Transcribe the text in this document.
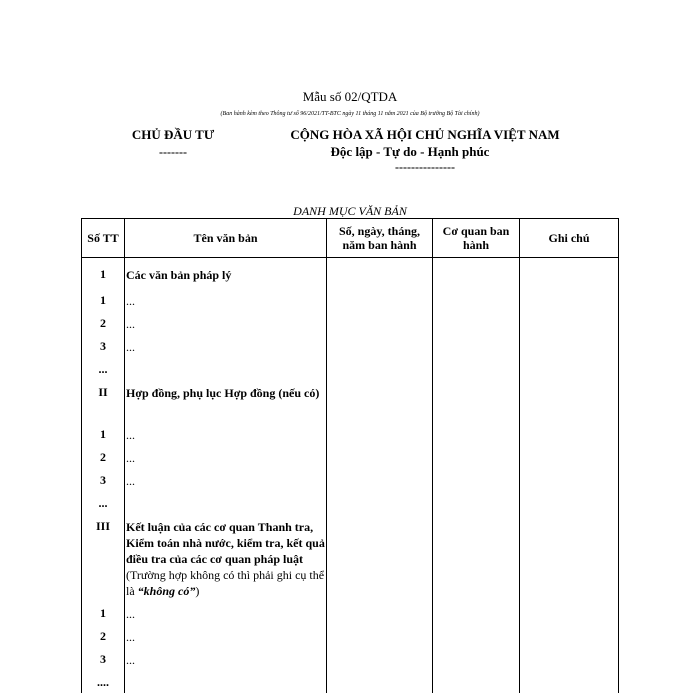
Mẫu số 02/QTDA
(Ban hành kèm theo Thông tư số 96/2021/TT-BTC ngày 11 tháng 11 năm 2021 của Bộ trưởng Bộ Tài chính)
CHỦ ĐẦU TƯ
-------
CỘNG HÒA XÃ HỘI CHỦ NGHĨA VIỆT NAM
Độc lập - Tự do - Hạnh phúc
---------------
DANH MỤC VĂN BẢN
Số TT	Tên văn bản	Số, ngày, tháng, năm ban hành	Cơ quan ban hành	Ghi chú

1	Các văn bản pháp lý			
1	...			
2	...			
3	...			
...				
II	Hợp đồng, phụ lục Hợp đồng (nếu có)			
1	...			
2	...			
3	...			
...				
III	Kết luận của các cơ quan Thanh tra, Kiểm toán nhà nước, kiểm tra, kết quả điều tra của các cơ quan pháp luật (Trường hợp không có thì phải ghi cụ thể là “không có”)			
1	...			
2	...			
3	...			
....				
